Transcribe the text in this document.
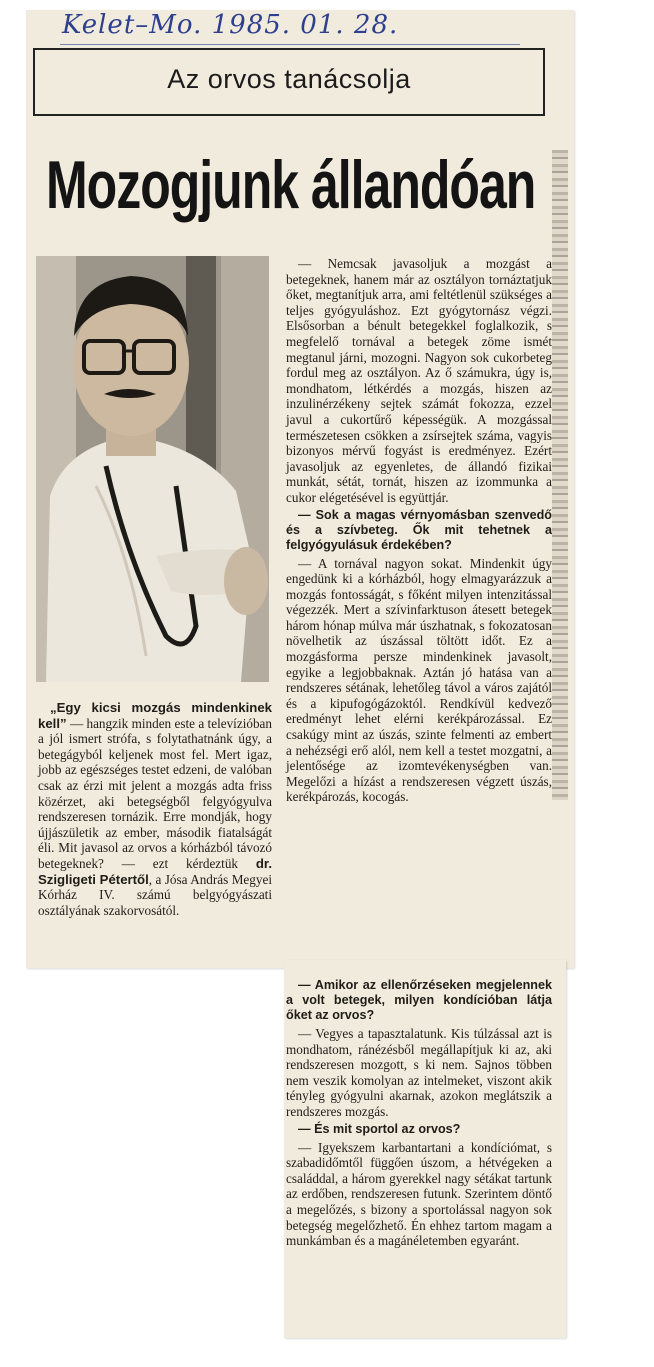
Kelet–Mo. 1985. 01. 28.
Az orvos tanácsolja
Mozogjunk állandóan

— Nemcsak javasoljuk a mozgást a betegeknek, hanem már az osztályon tornáztatjuk őket, megtanítjuk arra, ami feltétlenül szükséges a teljes gyógyuláshoz. Ezt gyógytornász végzi. Elsősorban a bénult betegekkel foglalkozik, s megfelelő tornával a betegek zöme ismét megtanul járni, mozogni. Nagyon sok cukorbeteg fordul meg az osztályon. Az ő számukra, úgy is, mondhatom, létkérdés a mozgás, hiszen az inzulinérzékeny sejtek számát fokozza, ezzel javul a cukortűrő képességük. A mozgással természetesen csökken a zsírsejtek száma, vagyis bizonyos mérvű fogyást is eredményez. Ezért javasoljuk az egyenletes, de állandó fizikai munkát, sétát, tornát, hiszen az izommunka a cukor elégetésével is együttjár.

— Sok a magas vérnyomásban szenvedő és a szívbeteg. Ők mit tehetnek a felgyógyulásuk érdekében?

— A tornával nagyon sokat. Mindenkit úgy engedünk ki a kórházból, hogy elmagyarázzuk a mozgás fontosságát, s főként milyen intenzitással végezzék. Mert a szívinfarktuson átesett betegek három hónap múlva már úszhatnak, s fokozatosan növelhetik az úszással töltött időt. Ez a mozgásforma persze mindenkinek javasolt, egyike a legjobbaknak. Aztán jó hatása van a rendszeres sétának, lehetőleg távol a város zajától és a kipufogógázoktól. Rendkívül kedvező eredményt lehet elérni kerékpározással. Ez csakúgy mint az úszás, szinte felmenti az embert a nehézségi erő alól, nem kell a testet mozgatni, a jelentősége az izomtevékenységben van. Megelőzi a hízást a rendszeresen végzett úszás, kerékpározás, kocogás.

„Egy kicsi mozgás mindenkinek kell” — hangzik minden este a televízióban a jól ismert strófa, s folytathatnánk úgy, a betegágyból keljenek most fel. Mert igaz, jobb az egészséges testet edzeni, de valóban csak az érzi mit jelent a mozgás adta friss közérzet, aki betegségből felgyógyulva rendszeresen tornázik. Erre mondják, hogy újjászületik az ember, második fiatalságát éli. Mit javasol az orvos a kórházból távozó betegeknek? — ezt kérdeztük dr. Szigligeti Pétertől, a Jósa András Megyei Kórház IV. számú belgyógyászati osztályának szakorvosától.

— Amikor az ellenőrzéseken megjelennek a volt betegek, milyen kondícióban látja őket az orvos?

— Vegyes a tapasztalatunk. Kis túlzással azt is mondhatom, ránézésből megállapítjuk ki az, aki rendszeresen mozgott, s ki nem. Sajnos többen nem veszik komolyan az intelmeket, viszont akik tényleg gyógyulni akarnak, azokon meglátszik a rendszeres mozgás.

— És mit sportol az orvos?

— Igyekszem karbantartani a kondíciómat, s szabadidőmtől függően úszom, a hétvégeken a családdal, a három gyerekkel nagy sétákat tartunk az erdőben, rendszeresen futunk. Szerintem döntő a megelőzés, s bizony a sportolással nagyon sok betegség megelőzhető. Én ehhez tartom magam a munkámban és a magánéletemben egyaránt.
